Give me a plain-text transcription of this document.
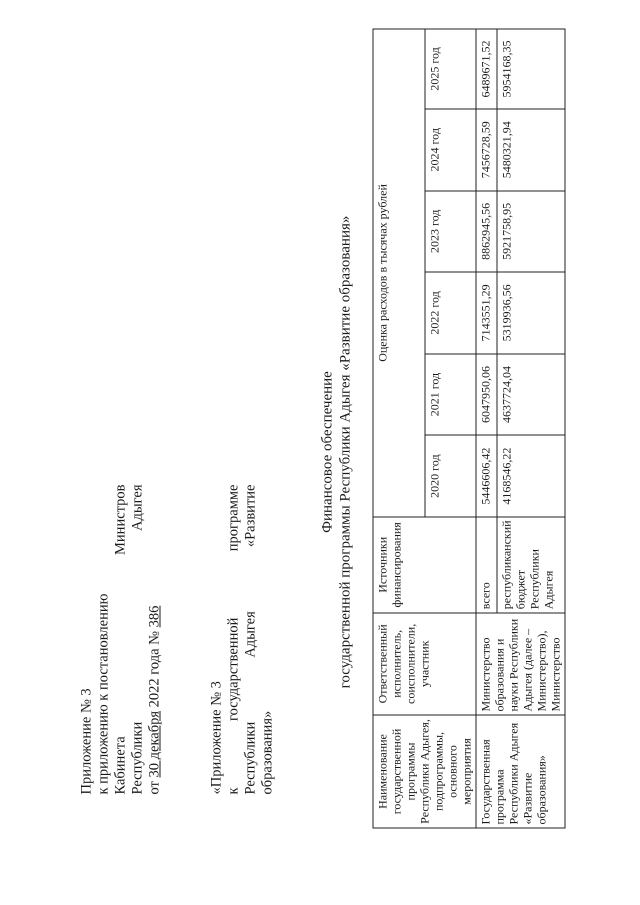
Приложение № 3 к приложению к постановлению Кабинета
Министров
Республики
Адыгея
от 30 декабря 2022 года № 386
«Приложение № 3 к
государственной
программе
Республики
Адыгея
«Развитие
образования»
Финансовое обеспечение государственной программы Республики Адыгея «Развитие образования»
Наименование государственной программы Республики Адыгея, подпрограммы, основного мероприятия	Ответственный исполнитель, соисполнители, участник	Источники финансирования	Оценка расходов в тысячах рублей					
			2020 год	2021 год	2022 год	2023 год	2024 год	2025 год
Государственная программа Республики Адыгея «Развитие образования»	Министерство образования и науки Республики Адыгея (далее – Министерство), Министерство	всего	5446606,42	6047950,06	7143551,29	8862945,56	7456728,59	6489671,52
		республиканский бюджет Республики Адыгея	4168546,22	4637724,04	5319936,56	5921758,95	5480321,94	5954168,35
